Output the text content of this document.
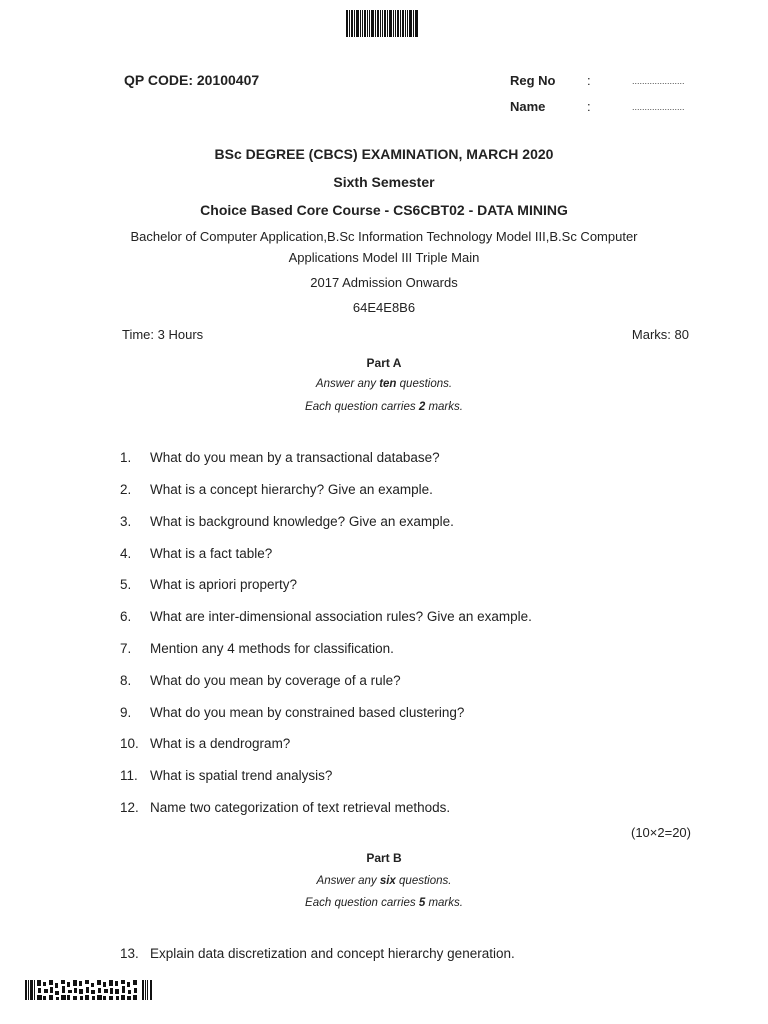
QP CODE: 20100407	Reg No :	.....................
Name	:	.....................
BSc DEGREE (CBCS) EXAMINATION, MARCH 2020
Sixth Semester
Choice Based Core Course - CS6CBT02 - DATA MINING
Bachelor of Computer Application,B.Sc Information Technology Model III,B.Sc Computer
Applications Model III Triple Main
2017 Admission Onwards
64E4E8B6
Time: 3 Hours	Marks: 80
Part A
Answer any ten questions.
Each question carries 2 marks.
1. What do you mean by a transactional database?
2. What is a concept hierarchy? Give an example.
3. What is background knowledge? Give an example.
4. What is a fact table?
5. What is apriori property?
6. What are inter-dimensional association rules? Give an example.
7. Mention any 4 methods for classification.
8. What do you mean by coverage of a rule?
9. What do you mean by constrained based clustering?
10. What is a dendrogram?
11. What is spatial trend analysis?
12. Name two categorization of text retrieval methods.
(10×2=20)
Part B
Answer any six questions.
Each question carries 5 marks.
13. Explain data discretization and concept hierarchy generation.
